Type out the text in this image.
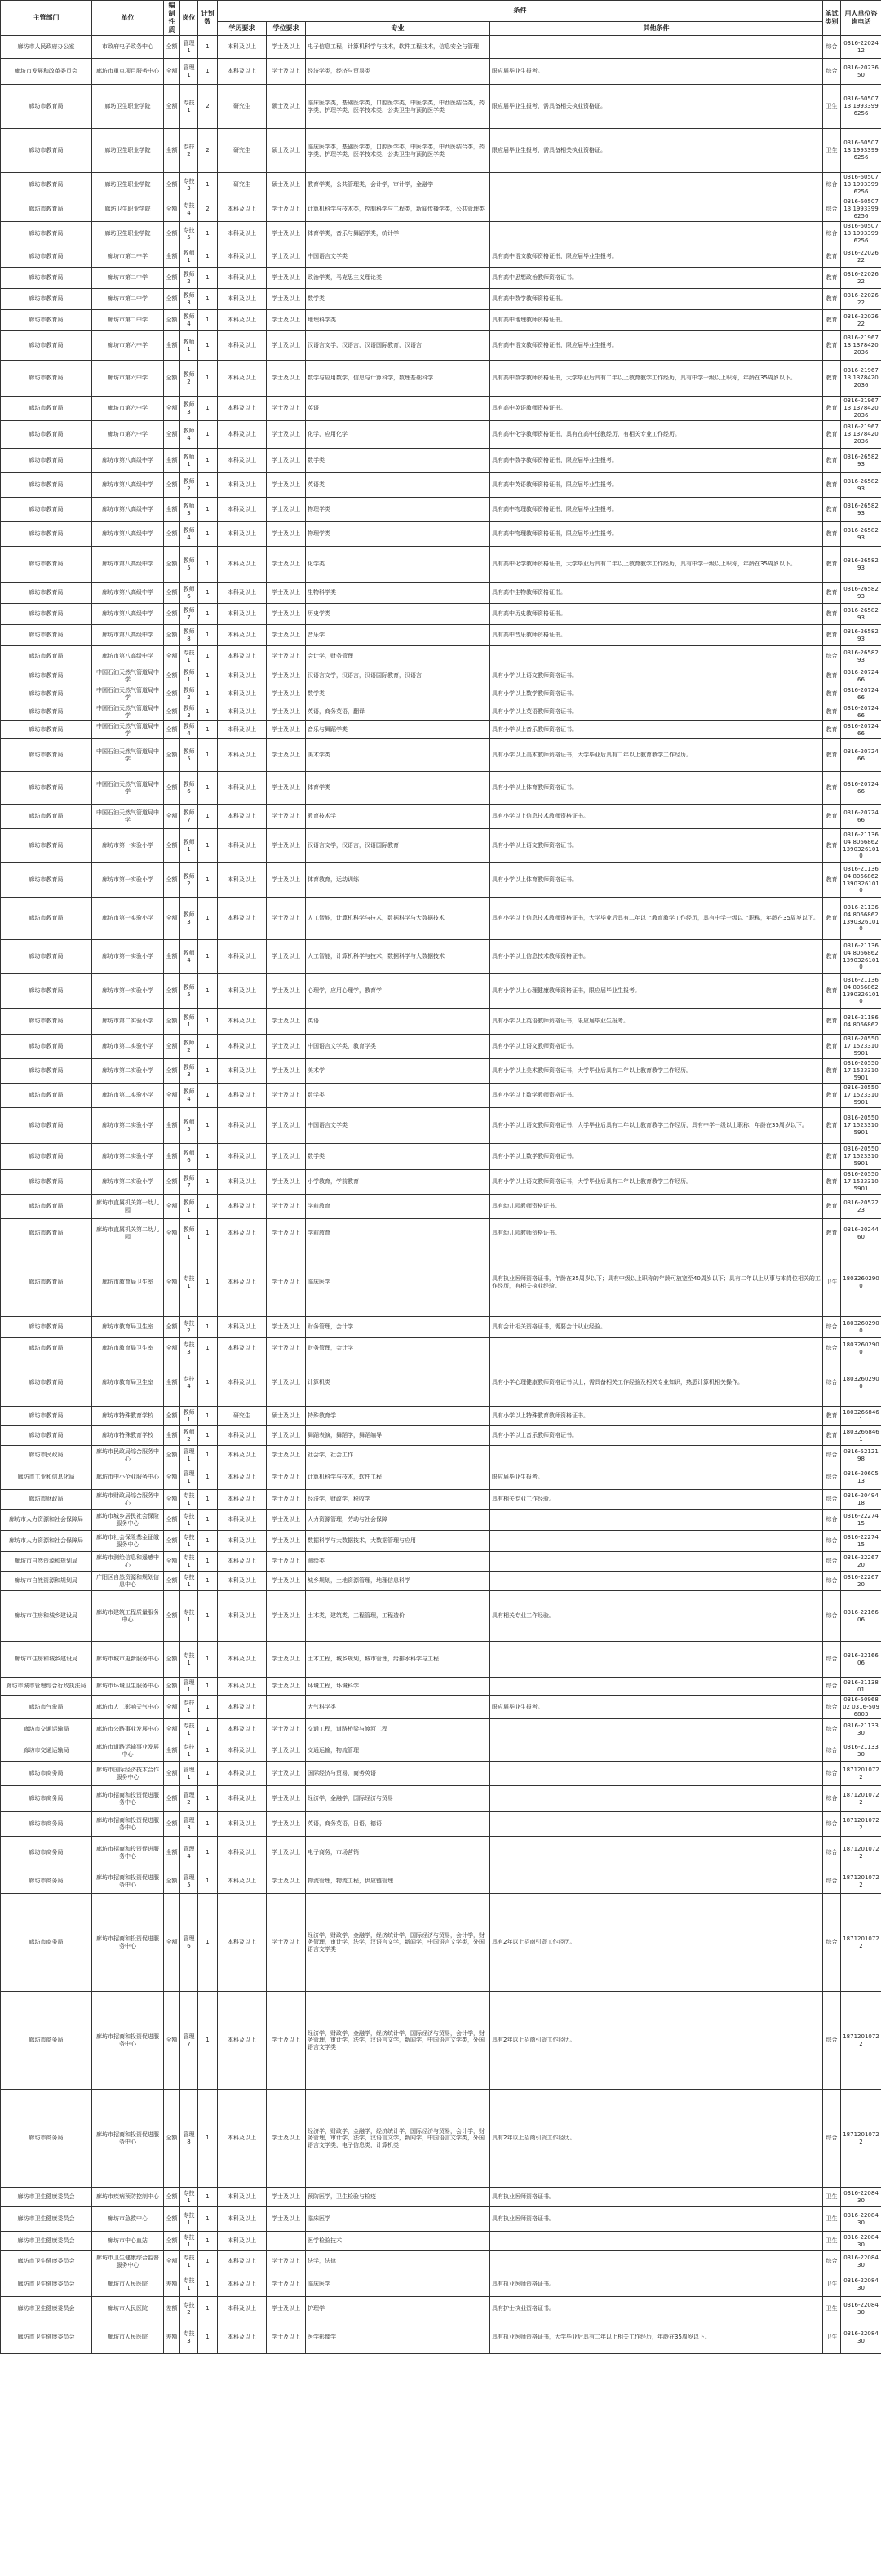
主管部门	单位	编制性质	岗位	计划数	条件				笔试类别	用人单位咨询电话
					学历要求	学位要求	专业	其他条件		
廊坊市人民政府办公室	市政府电子政务中心	全额	管理1	1	本科及以上	学士及以上	电子信息工程，计算机科学与技术，软件工程技术，信息安全与管理		综合	0316-2202412
廊坊市发展和改革委员会	廊坊市重点项目服务中心	全额	管理1	1	本科及以上	学士及以上	经济学类，经济与贸易类	限应届毕业生报考。	综合	0316-2023650
廊坊市教育局	廊坊卫生职业学院	全额	专技1	2	研究生	硕士及以上	临床医学类，基础医学类，口腔医学类，中医学类，中西医结合类，药学类，护理学类，医学技术类，公共卫生与预防医学类	限应届毕业生报考，需具备相关执业资格证。	卫生	0316-6050713 19933996256
廊坊市教育局	廊坊卫生职业学院	全额	专技2	2	研究生	硕士及以上	临床医学类，基础医学类，口腔医学类，中医学类，中西医结合类，药学类，护理学类，医学技术类，公共卫生与预防医学类	限应届毕业生报考，需具备相关执业资格证。	卫生	0316-6050713 19933996256
廊坊市教育局	廊坊卫生职业学院	全额	专技3	1	研究生	硕士及以上	教育学类，公共管理类，会计学，审计学，金融学		综合	0316-6050713 19933996256
廊坊市教育局	廊坊卫生职业学院	全额	专技4	2	本科及以上	学士及以上	计算机科学与技术类，控制科学与工程类，新闻传播学类，公共管理类		综合	0316-6050713 19933996256
廊坊市教育局	廊坊卫生职业学院	全额	专技5	1	本科及以上	学士及以上	体育学类，音乐与舞蹈学类，统计学		综合	0316-6050713 19933996256
廊坊市教育局	廊坊市第二中学	全额	教师1	1	本科及以上	学士及以上	中国语言文学类	具有高中语文教师资格证书，限应届毕业生报考。	教育	0316-2202622
廊坊市教育局	廊坊市第二中学	全额	教师2	1	本科及以上	学士及以上	政治学类，马克思主义理论类	具有高中思想政治教师资格证书。	教育	0316-2202622
廊坊市教育局	廊坊市第二中学	全额	教师3	1	本科及以上	学士及以上	数学类	具有高中数学教师资格证书。	教育	0316-2202622
廊坊市教育局	廊坊市第二中学	全额	教师4	1	本科及以上	学士及以上	地理科学类	具有高中地理教师资格证书。	教育	0316-2202622
廊坊市教育局	廊坊市第六中学	全额	教师1	1	本科及以上	学士及以上	汉语言文学，汉语言，汉语国际教育，汉语言	具有高中语文教师资格证书，限应届毕业生报考。	教育	0316-2196713 13784202036
廊坊市教育局	廊坊市第六中学	全额	教师2	1	本科及以上	学士及以上	数学与应用数学，信息与计算科学，数理基础科学	具有高中数学教师资格证书，大学毕业后具有二年以上教育教学工作经历，具有中学一级以上职称，年龄在35周岁以下。	教育	0316-2196713 13784202036
廊坊市教育局	廊坊市第六中学	全额	教师3	1	本科及以上	学士及以上	英语	具有高中英语教师资格证书。	教育	0316-2196713 13784202036
廊坊市教育局	廊坊市第六中学	全额	教师4	1	本科及以上	学士及以上	化学，应用化学	具有高中化学教师资格证书，具有在高中任教经历，有相关专业工作经历。	教育	0316-2196713 13784202036
廊坊市教育局	廊坊市第八高级中学	全额	教师1	1	本科及以上	学士及以上	数学类	具有高中数学教师资格证书，限应届毕业生报考。	教育	0316-2658293
廊坊市教育局	廊坊市第八高级中学	全额	教师2	1	本科及以上	学士及以上	英语类	具有高中英语教师资格证书，限应届毕业生报考。	教育	0316-2658293
廊坊市教育局	廊坊市第八高级中学	全额	教师3	1	本科及以上	学士及以上	物理学类	具有高中物理教师资格证书，限应届毕业生报考。	教育	0316-2658293
廊坊市教育局	廊坊市第八高级中学	全额	教师4	1	本科及以上	学士及以上	物理学类	具有高中物理教师资格证书，限应届毕业生报考。	教育	0316-2658293
廊坊市教育局	廊坊市第八高级中学	全额	教师5	1	本科及以上	学士及以上	化学类	具有高中化学教师资格证书，大学毕业后具有二年以上教育教学工作经历，具有中学一级以上职称，年龄在35周岁以下。	教育	0316-2658293
廊坊市教育局	廊坊市第八高级中学	全额	教师6	1	本科及以上	学士及以上	生物科学类	具有高中生物教师资格证书。	教育	0316-2658293
廊坊市教育局	廊坊市第八高级中学	全额	教师7	1	本科及以上	学士及以上	历史学类	具有高中历史教师资格证书。	教育	0316-2658293
廊坊市教育局	廊坊市第八高级中学	全额	教师8	1	本科及以上	学士及以上	音乐学	具有高中音乐教师资格证书。	教育	0316-2658293
廊坊市教育局	廊坊市第八高级中学	全额	专技1	1	本科及以上	学士及以上	会计学，财务管理		综合	0316-2658293
廊坊市教育局	中国石油天然气管道局中学	全额	教师1	1	本科及以上	学士及以上	汉语言文学，汉语言，汉语国际教育，汉语言	具有小学以上语文教师资格证书。	教育	0316-2072466
廊坊市教育局	中国石油天然气管道局中学	全额	教师2	1	本科及以上	学士及以上	数学类	具有小学以上数学教师资格证书。	教育	0316-2072466
廊坊市教育局	中国石油天然气管道局中学	全额	教师3	1	本科及以上	学士及以上	英语，商务英语，翻译	具有小学以上英语教师资格证书。	教育	0316-2072466
廊坊市教育局	中国石油天然气管道局中学	全额	教师4	1	本科及以上	学士及以上	音乐与舞蹈学类	具有小学以上音乐教师资格证书。	教育	0316-2072466
廊坊市教育局	中国石油天然气管道局中学	全额	教师5	1	本科及以上	学士及以上	美术学类	具有小学以上美术教师资格证书，大学毕业后具有二年以上教育教学工作经历。	教育	0316-2072466
廊坊市教育局	中国石油天然气管道局中学	全额	教师6	1	本科及以上	学士及以上	体育学类	具有小学以上体育教师资格证书。	教育	0316-2072466
廊坊市教育局	中国石油天然气管道局中学	全额	教师7	1	本科及以上	学士及以上	教育技术学	具有小学以上信息技术教师资格证书。	教育	0316-2072466
廊坊市教育局	廊坊市第一实验小学	全额	教师1	1	本科及以上	学士及以上	汉语言文学，汉语言，汉语国际教育	具有小学以上语文教师资格证书。	教育	0316-2113604 8066862 13903261010
廊坊市教育局	廊坊市第一实验小学	全额	教师2	1	本科及以上	学士及以上	体育教育，运动训练	具有小学以上体育教师资格证书。	教育	0316-2113604 8066862 13903261010
廊坊市教育局	廊坊市第一实验小学	全额	教师3	1	本科及以上	学士及以上	人工智能，计算机科学与技术，数据科学与大数据技术	具有小学以上信息技术教师资格证书，大学毕业后具有二年以上教育教学工作经历，具有中学一级以上职称，年龄在35周岁以下。	教育	0316-2113604 8066862 13903261010
廊坊市教育局	廊坊市第一实验小学	全额	教师4	1	本科及以上	学士及以上	人工智能，计算机科学与技术，数据科学与大数据技术	具有小学以上信息技术教师资格证书。	教育	0316-2113604 8066862 13903261010
廊坊市教育局	廊坊市第一实验小学	全额	教师5	1	本科及以上	学士及以上	心理学，应用心理学，教育学	具有小学以上心理健康教师资格证书，限应届毕业生报考。	教育	0316-2113604 8066862 13903261010
廊坊市教育局	廊坊市第二实验小学	全额	教师1	1	本科及以上	学士及以上	英语	具有小学以上英语教师资格证书，限应届毕业生报考。	教育	0316-2118604 8066862
廊坊市教育局	廊坊市第二实验小学	全额	教师2	1	本科及以上	学士及以上	中国语言文学类，教育学类	具有小学以上语文教师资格证书。	教育	0316-2055017 15233105901
廊坊市教育局	廊坊市第二实验小学	全额	教师3	1	本科及以上	学士及以上	美术学	具有小学以上美术教师资格证书，大学毕业后具有二年以上教育教学工作经历。	教育	0316-2055017 15233105901
廊坊市教育局	廊坊市第二实验小学	全额	教师4	1	本科及以上	学士及以上	数学类	具有小学以上数学教师资格证书。	教育	0316-2055017 15233105901
廊坊市教育局	廊坊市第二实验小学	全额	教师5	1	本科及以上	学士及以上	中国语言文学类	具有小学以上语文教师资格证书，大学毕业后具有二年以上教育教学工作经历，具有中学一级以上职称，年龄在35周岁以下。	教育	0316-2055017 15233105901
廊坊市教育局	廊坊市第二实验小学	全额	教师6	1	本科及以上	学士及以上	数学类	具有小学以上数学教师资格证书。	教育	0316-2055017 15233105901
廊坊市教育局	廊坊市第二实验小学	全额	教师7	1	本科及以上	学士及以上	小学教育，学前教育	具有小学以上语文教师资格证书，大学毕业后具有二年以上教育教学工作经历。	教育	0316-2055017 15233105901
廊坊市教育局	廊坊市直属机关第一幼儿园	全额	教师1	1	本科及以上	学士及以上	学前教育	具有幼儿园教师资格证书。	教育	0316-2052223
廊坊市教育局	廊坊市直属机关第二幼儿园	全额	教师1	1	本科及以上	学士及以上	学前教育	具有幼儿园教师资格证书。	教育	0316-2024460
廊坊市教育局	廊坊市教育局卫生室	全额	专技1	1	本科及以上	学士及以上	临床医学	具有执业医师资格证书，年龄在35周岁以下；具有中级以上职称的年龄可放宽至40周岁以下；具有二年以上从事与本岗位相关的工作经历，有相关执业经验。	卫生	18032602900
廊坊市教育局	廊坊市教育局卫生室	全额	专技2	1	本科及以上	学士及以上	财务管理，会计学	具有会计相关资格证书，需要会计从业经验。	综合	18032602900
廊坊市教育局	廊坊市教育局卫生室	全额	专技3	1	本科及以上	学士及以上	财务管理，会计学		综合	18032602900
廊坊市教育局	廊坊市教育局卫生室	全额	专技4	1	本科及以上	学士及以上	计算机类	具有小学心理健康教师资格证书以上；需具备相关工作经验及相关专业知识，熟悉计算机相关操作。	综合	18032602900
廊坊市教育局	廊坊市特殊教育学校	全额	教师1	1	研究生	硕士及以上	特殊教育学	具有小学以上特殊教育教师资格证书。	教育	18032668461
廊坊市教育局	廊坊市特殊教育学校	全额	教师2	1	本科及以上	学士及以上	舞蹈表演，舞蹈学，舞蹈编导	具有小学以上音乐教师资格证书。	教育	18032668461
廊坊市民政局	廊坊市民政局综合服务中心	全额	管理1	1	本科及以上	学士及以上	社会学，社会工作		综合	0316-5212198
廊坊市工业和信息化局	廊坊市中小企业服务中心	全额	管理1	1	本科及以上	学士及以上	计算机科学与技术，软件工程	限应届毕业生报考。	综合	0316-2060513
廊坊市财政局	廊坊市财政局综合服务中心	全额	专技1	1	本科及以上	学士及以上	经济学，财政学，税收学	具有相关专业工作经验。	综合	0316-2049418
廊坊市人力资源和社会保障局	廊坊市城乡居民社会保险服务中心	全额	专技1	1	本科及以上	学士及以上	人力资源管理，劳动与社会保障		综合	0316-2227415
廊坊市人力资源和社会保障局	廊坊市社会保险基金征缴服务中心	全额	专技1	1	本科及以上	学士及以上	数据科学与大数据技术，大数据管理与应用		综合	0316-2227415
廊坊市自然资源和规划局	廊坊市测绘信息和遥感中心	全额	专技1	1	本科及以上	学士及以上	测绘类		综合	0316-2226720
廊坊市自然资源和规划局	广阳区自然资源和规划信息中心	全额	专技1	1	本科及以上	学士及以上	城乡规划，土地资源管理，地理信息科学		综合	0316-2226720
廊坊市住房和城乡建设局	廊坊市建筑工程质量服务中心	全额	专技1	1	本科及以上	学士及以上	土木类，建筑类，工程管理，工程造价	具有相关专业工作经验。	综合	0316-2216606
廊坊市住房和城乡建设局	廊坊市城市更新服务中心	全额	专技1	1	本科及以上	学士及以上	土木工程，城乡规划，城市管理，给排水科学与工程		综合	0316-2216606
廊坊市城市管理综合行政执法局	廊坊市环境卫生服务中心	全额	管理1	1	本科及以上	学士及以上	环境工程，环境科学		综合	0316-2113801
廊坊市气象局	廊坊市人工影响天气中心	全额	专技1	1	本科及以上		大气科学类	限应届毕业生报考。	综合	0316-5096802 0316-5096803
廊坊市交通运输局	廊坊市公路事业发展中心	全额	专技1	1	本科及以上	学士及以上	交通工程，道路桥梁与渡河工程		综合	0316-2113330
廊坊市交通运输局	廊坊市道路运输事业发展中心	全额	专技1	1	本科及以上	学士及以上	交通运输，物流管理		综合	0316-2113330
廊坊市商务局	廊坊市国际经济技术合作服务中心	全额	管理1	1	本科及以上	学士及以上	国际经济与贸易，商务英语		综合	18712010722
廊坊市商务局	廊坊市招商和投资促进服务中心	全额	管理2	1	本科及以上	学士及以上	经济学，金融学，国际经济与贸易		综合	18712010722
廊坊市商务局	廊坊市招商和投资促进服务中心	全额	管理3	1	本科及以上	学士及以上	英语，商务英语，日语，德语		综合	18712010722
廊坊市商务局	廊坊市招商和投资促进服务中心	全额	管理4	1	本科及以上	学士及以上	电子商务，市场营销		综合	18712010722
廊坊市商务局	廊坊市招商和投资促进服务中心	全额	管理5	1	本科及以上	学士及以上	物流管理，物流工程，供应链管理		综合	18712010722
廊坊市商务局	廊坊市招商和投资促进服务中心	全额	管理6	1	本科及以上	学士及以上	经济学，财政学，金融学，经济统计学，国际经济与贸易，会计学，财务管理，审计学，法学，汉语言文学，新闻学，中国语言文学类，外国语言文学类	具有2年以上招商引资工作经历。	综合	18712010722
廊坊市商务局	廊坊市招商和投资促进服务中心	全额	管理7	1	本科及以上	学士及以上	经济学，财政学，金融学，经济统计学，国际经济与贸易，会计学，财务管理，审计学，法学，汉语言文学，新闻学，中国语言文学类，外国语言文学类	具有2年以上招商引资工作经历。	综合	18712010722
廊坊市商务局	廊坊市招商和投资促进服务中心	全额	管理8	1	本科及以上	学士及以上	经济学，财政学，金融学，经济统计学，国际经济与贸易，会计学，财务管理，审计学，法学，汉语言文学，新闻学，中国语言文学类，外国语言文学类，电子信息类，计算机类	具有2年以上招商引资工作经历。	综合	18712010722
廊坊市卫生健康委员会	廊坊市疾病预防控制中心	全额	专技1	1	本科及以上	学士及以上	预防医学，卫生检验与检疫	具有执业医师资格证书。	卫生	0316-2208430
廊坊市卫生健康委员会	廊坊市急救中心	全额	专技1	1	本科及以上	学士及以上	临床医学	具有执业医师资格证书。	卫生	0316-2208430
廊坊市卫生健康委员会	廊坊市中心血站	全额	专技1	1	本科及以上		医学检验技术		卫生	0316-2208430
廊坊市卫生健康委员会	廊坊市卫生健康综合监督服务中心	全额	专技1	1	本科及以上	学士及以上	法学，法律		综合	0316-2208430
廊坊市卫生健康委员会	廊坊市人民医院	差额	专技1	1	本科及以上	学士及以上	临床医学	具有执业医师资格证书。	卫生	0316-2208430
廊坊市卫生健康委员会	廊坊市人民医院	差额	专技2	1	本科及以上	学士及以上	护理学	具有护士执业资格证书。	卫生	0316-2208430
廊坊市卫生健康委员会	廊坊市人民医院	差额	专技3	1	本科及以上	学士及以上	医学影像学	具有执业医师资格证书，大学毕业后具有二年以上相关工作经历，年龄在35周岁以下。	卫生	0316-2208430
